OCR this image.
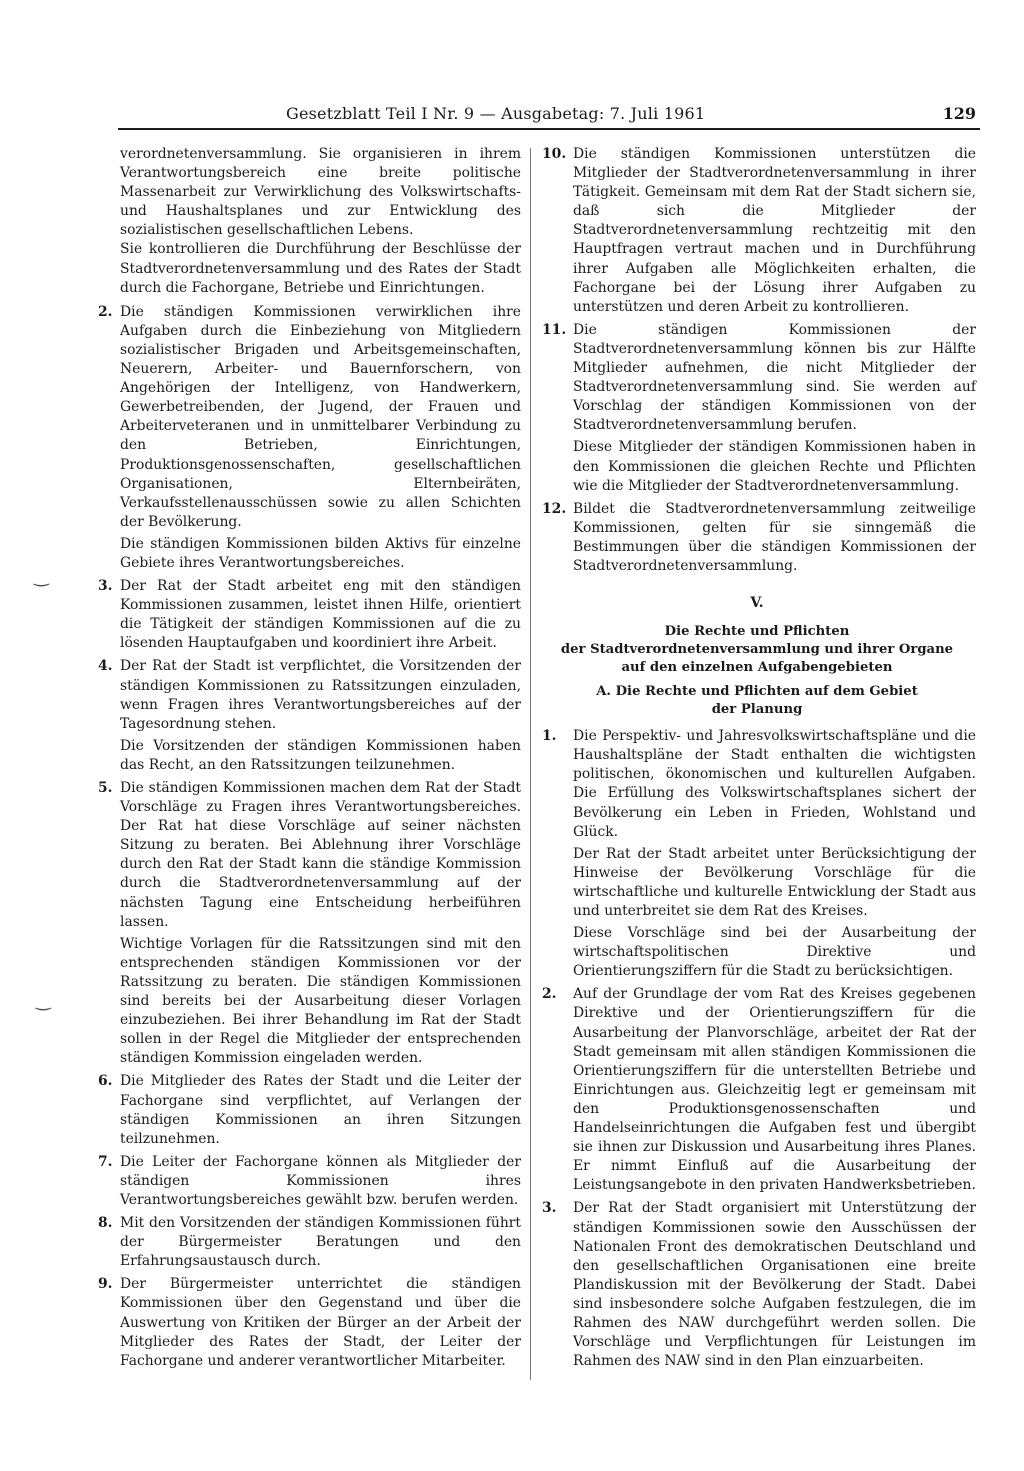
Gesetzblatt Teil I Nr. 9 — Ausgabetag: 7. Juli 1961	129
‿
‿

verordnetenversammlung. Sie organisieren in ihrem Verantwortungsbereich eine breite politische Massenarbeit zur Verwirklichung des Volkswirtschafts- und Haushaltsplanes und zur Entwicklung des sozialistischen gesellschaftlichen Lebens.

Sie kontrollieren die Durchführung der Beschlüsse der Stadtverordnetenversammlung und des Rates der Stadt durch die Fachorgane, Betriebe und Einrichtungen.

2. Die ständigen Kommissionen verwirklichen ihre Aufgaben durch die Einbeziehung von Mitgliedern sozialistischer Brigaden und Arbeitsgemeinschaften, Neuerern, Arbeiter- und Bauernforschern, von Angehörigen der Intelligenz, von Handwerkern, Gewerbetreibenden, der Jugend, der Frauen und Arbeiterveteranen und in unmittelbarer Verbindung zu den Betrieben, Einrichtungen, Produktionsgenossenschaften, gesellschaftlichen Organisationen, Elternbeiräten, Verkaufsstellenausschüssen sowie zu allen Schichten der Bevölkerung.

Die ständigen Kommissionen bilden Aktivs für einzelne Gebiete ihres Verantwortungsbereiches.

3. Der Rat der Stadt arbeitet eng mit den ständigen Kommissionen zusammen, leistet ihnen Hilfe, orientiert die Tätigkeit der ständigen Kommissionen auf die zu lösenden Hauptaufgaben und koordiniert ihre Arbeit.

4. Der Rat der Stadt ist verpflichtet, die Vorsitzenden der ständigen Kommissionen zu Ratssitzungen einzuladen, wenn Fragen ihres Verantwortungsbereiches auf der Tagesordnung stehen.

Die Vorsitzenden der ständigen Kommissionen haben das Recht, an den Ratssitzungen teilzunehmen.

5. Die ständigen Kommissionen machen dem Rat der Stadt Vorschläge zu Fragen ihres Verantwortungsbereiches. Der Rat hat diese Vorschläge auf seiner nächsten Sitzung zu beraten. Bei Ablehnung ihrer Vorschläge durch den Rat der Stadt kann die ständige Kommission durch die Stadtverordnetenversammlung auf der nächsten Tagung eine Entscheidung herbeiführen lassen.

Wichtige Vorlagen für die Ratssitzungen sind mit den entsprechenden ständigen Kommissionen vor der Ratssitzung zu beraten. Die ständigen Kommissionen sind bereits bei der Ausarbeitung dieser Vorlagen einzubeziehen. Bei ihrer Behandlung im Rat der Stadt sollen in der Regel die Mitglieder der entsprechenden ständigen Kommission eingeladen werden.

6. Die Mitglieder des Rates der Stadt und die Leiter der Fachorgane sind verpflichtet, auf Verlangen der ständigen Kommissionen an ihren Sitzungen teilzunehmen.

7. Die Leiter der Fachorgane können als Mitglieder der ständigen Kommissionen ihres Verantwortungsbereiches gewählt bzw. berufen werden.

8. Mit den Vorsitzenden der ständigen Kommissionen führt der Bürgermeister Beratungen und den Erfahrungsaustausch durch.

9. Der Bürgermeister unterrichtet die ständigen Kommissionen über den Gegenstand und über die Auswertung von Kritiken der Bürger an der Arbeit der Mitglieder des Rates der Stadt, der Leiter der Fachorgane und anderer verantwortlicher Mitarbeiter.

10. Die ständigen Kommissionen unterstützen die Mitglieder der Stadtverordnetenversammlung in ihrer Tätigkeit. Gemeinsam mit dem Rat der Stadt sichern sie, daß sich die Mitglieder der Stadtverordnetenversammlung rechtzeitig mit den Hauptfragen vertraut machen und in Durchführung ihrer Aufgaben alle Möglichkeiten erhalten, die Fachorgane bei der Lösung ihrer Aufgaben zu unterstützen und deren Arbeit zu kontrollieren.

11. Die ständigen Kommissionen der Stadtverordnetenversammlung können bis zur Hälfte Mitglieder aufnehmen, die nicht Mitglieder der Stadtverordnetenversammlung sind. Sie werden auf Vorschlag der ständigen Kommissionen von der Stadtverordnetenversammlung berufen.

Diese Mitglieder der ständigen Kommissionen haben in den Kommissionen die gleichen Rechte und Pflichten wie die Mitglieder der Stadtverordnetenversammlung.

12. Bildet die Stadtverordnetenversammlung zeitweilige Kommissionen, gelten für sie sinngemäß die Bestimmungen über die ständigen Kommissionen der Stadtverordnetenversammlung.

V.
Die Rechte und Pflichten
der Stadtverordnetenversammlung und ihrer Organe
auf den einzelnen Aufgabengebieten
A. Die Rechte und Pflichten auf dem Gebiet
der Planung
1. Die Perspektiv- und Jahresvolkswirtschaftspläne und die Haushaltspläne der Stadt enthalten die wichtigsten politischen, ökonomischen und kulturellen Aufgaben. Die Erfüllung des Volkswirtschaftsplanes sichert der Bevölkerung ein Leben in Frieden, Wohlstand und Glück.

Der Rat der Stadt arbeitet unter Berücksichtigung der Hinweise der Bevölkerung Vorschläge für die wirtschaftliche und kulturelle Entwicklung der Stadt aus und unterbreitet sie dem Rat des Kreises.

Diese Vorschläge sind bei der Ausarbeitung der wirtschaftspolitischen Direktive und Orientierungsziffern für die Stadt zu berücksichtigen.

2. Auf der Grundlage der vom Rat des Kreises gegebenen Direktive und der Orientierungsziffern für die Ausarbeitung der Planvorschläge, arbeitet der Rat der Stadt gemeinsam mit allen ständigen Kommissionen die Orientierungsziffern für die unterstellten Betriebe und Einrichtungen aus. Gleichzeitig legt er gemeinsam mit den Produktionsgenossenschaften und Handelseinrichtungen die Aufgaben fest und übergibt sie ihnen zur Diskussion und Ausarbeitung ihres Planes. Er nimmt Einfluß auf die Ausarbeitung der Leistungsangebote in den privaten Handwerksbetrieben.

3. Der Rat der Stadt organisiert mit Unterstützung der ständigen Kommissionen sowie den Ausschüssen der Nationalen Front des demokratischen Deutschland und den gesellschaftlichen Organisationen eine breite Plandiskussion mit der Bevölkerung der Stadt. Dabei sind insbesondere solche Aufgaben festzulegen, die im Rahmen des NAW durchgeführt werden sollen. Die Vorschläge und Verpflichtungen für Leistungen im Rahmen des NAW sind in den Plan einzuarbeiten.
